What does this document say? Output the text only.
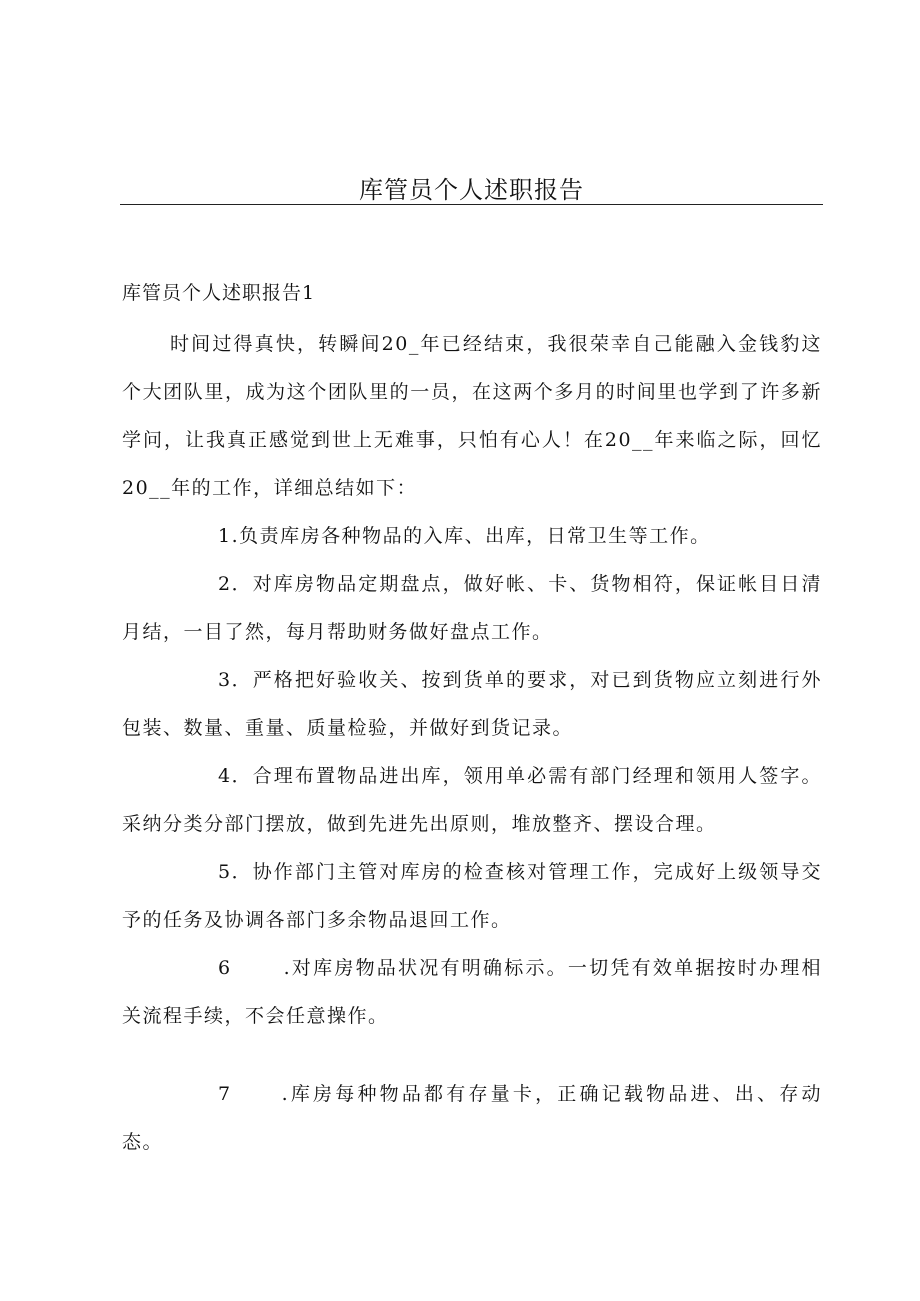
库管员个人述职报告
库管员个人述职报告1
时间过得真快，转瞬间20_年已经结束，我很荣幸自己能融入金钱豹这个大团队里，成为这个团队里的一员，在这两个多月的时间里也学到了许多新学问，让我真正感觉到世上无难事，只怕有心人！在20__年来临之际，回忆20__年的工作，详细总结如下：
1.负责库房各种物品的入库、出库，日常卫生等工作。
2．对库房物品定期盘点，做好帐、卡、货物相符，保证帐目日清月结，一目了然，每月帮助财务做好盘点工作。
3．严格把好验收关、按到货单的要求，对已到货物应立刻进行外包装、数量、重量、质量检验，并做好到货记录。
4．合理布置物品进出库，领用单必需有部门经理和领用人签字。采纳分类分部门摆放，做到先进先出原则，堆放整齐、摆设合理。
5．协作部门主管对库房的检查核对管理工作，完成好上级领导交予的任务及协调各部门多余物品退回工作。
6	.对库房物品状况有明确标示。一切凭有效单据按时办理相关流程手续，不会任意操作。
7	.库房每种物品都有存量卡，正确记载物品进、出、存动态。
